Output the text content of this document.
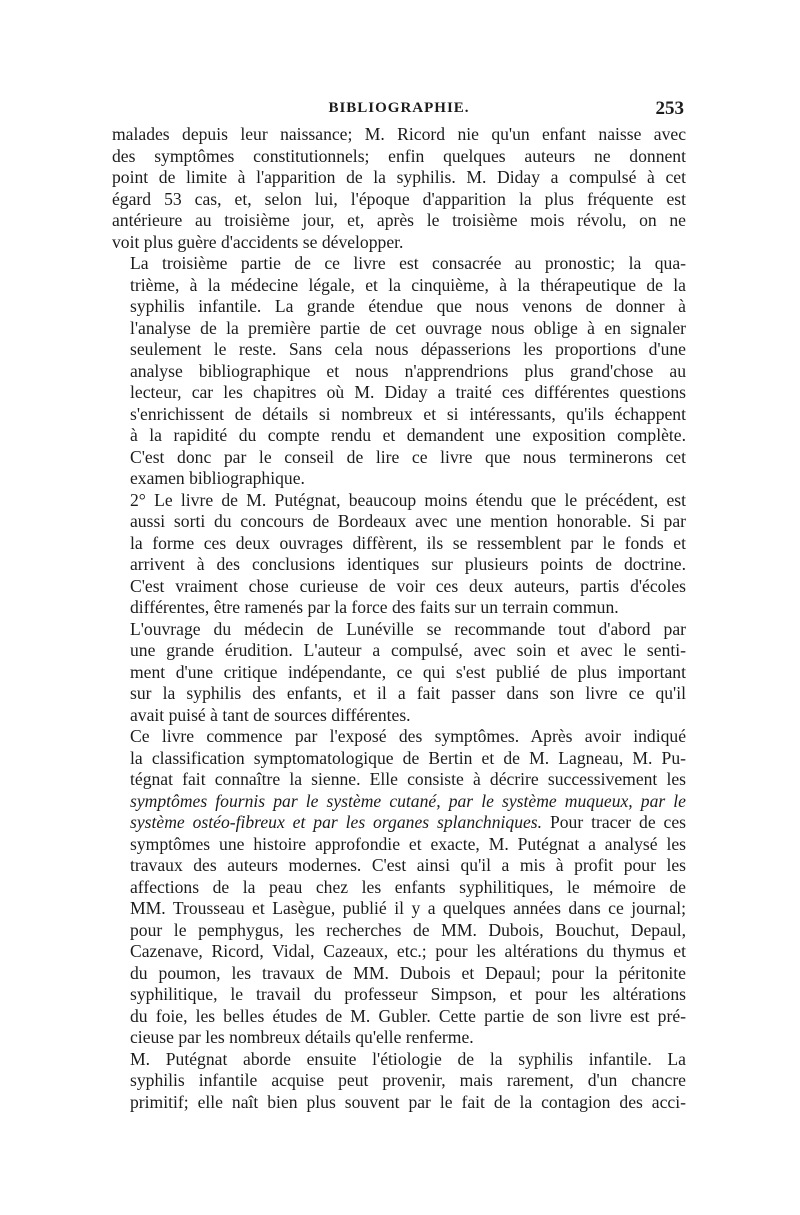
BIBLIOGRAPHIE.	253

malades depuis leur naissance; M. Ricord nie qu'un enfant naisse avec
des symptômes constitutionnels; enfin quelques auteurs ne donnent
point de limite à l'apparition de la syphilis. M. Diday a compulsé à cet
égard 53 cas, et, selon lui, l'époque d'apparition la plus fréquente est
antérieure au troisième jour, et, après le troisième mois révolu, on ne
voit plus guère d'accidents se développer.

La troisième partie de ce livre est consacrée au pronostic; la qua-
trième, à la médecine légale, et la cinquième, à la thérapeutique de la
syphilis infantile. La grande étendue que nous venons de donner à
l'analyse de la première partie de cet ouvrage nous oblige à en signaler
seulement le reste. Sans cela nous dépasserions les proportions d'une
analyse bibliographique et nous n'apprendrions plus grand'chose au
lecteur, car les chapitres où M. Diday a traité ces différentes questions
s'enrichissent de détails si nombreux et si intéressants, qu'ils échappent
à la rapidité du compte rendu et demandent une exposition complète.
C'est donc par le conseil de lire ce livre que nous terminerons cet
examen bibliographique.

2° Le livre de M. Putégnat, beaucoup moins étendu que le précédent, est
aussi sorti du concours de Bordeaux avec une mention honorable. Si par
la forme ces deux ouvrages diffèrent, ils se ressemblent par le fonds et
arrivent à des conclusions identiques sur plusieurs points de doctrine.
C'est vraiment chose curieuse de voir ces deux auteurs, partis d'écoles
différentes, être ramenés par la force des faits sur un terrain commun.

L'ouvrage du médecin de Lunéville se recommande tout d'abord par
une grande érudition. L'auteur a compulsé, avec soin et avec le senti-
ment d'une critique indépendante, ce qui s'est publié de plus important
sur la syphilis des enfants, et il a fait passer dans son livre ce qu'il
avait puisé à tant de sources différentes.

Ce livre commence par l'exposé des symptômes. Après avoir indiqué
la classification symptomatologique de Bertin et de M. Lagneau, M. Pu-
tégnat fait connaître la sienne. Elle consiste à décrire successivement les
symptômes fournis par le système cutané, par le système muqueux, par le
système ostéo-fibreux et par les organes splanchniques. Pour tracer de ces
symptômes une histoire approfondie et exacte, M. Putégnat a analysé les
travaux des auteurs modernes. C'est ainsi qu'il a mis à profit pour les
affections de la peau chez les enfants syphilitiques, le mémoire de
MM. Trousseau et Lasègue, publié il y a quelques années dans ce journal;
pour le pemphygus, les recherches de MM. Dubois, Bouchut, Depaul,
Cazenave, Ricord, Vidal, Cazeaux, etc.; pour les altérations du thymus et
du poumon, les travaux de MM. Dubois et Depaul; pour la péritonite
syphilitique, le travail du professeur Simpson, et pour les altérations
du foie, les belles études de M. Gubler. Cette partie de son livre est pré-
cieuse par les nombreux détails qu'elle renferme.

M. Putégnat aborde ensuite l'étiologie de la syphilis infantile. La
syphilis infantile acquise peut provenir, mais rarement, d'un chancre
primitif; elle naît bien plus souvent par le fait de la contagion des acci-
